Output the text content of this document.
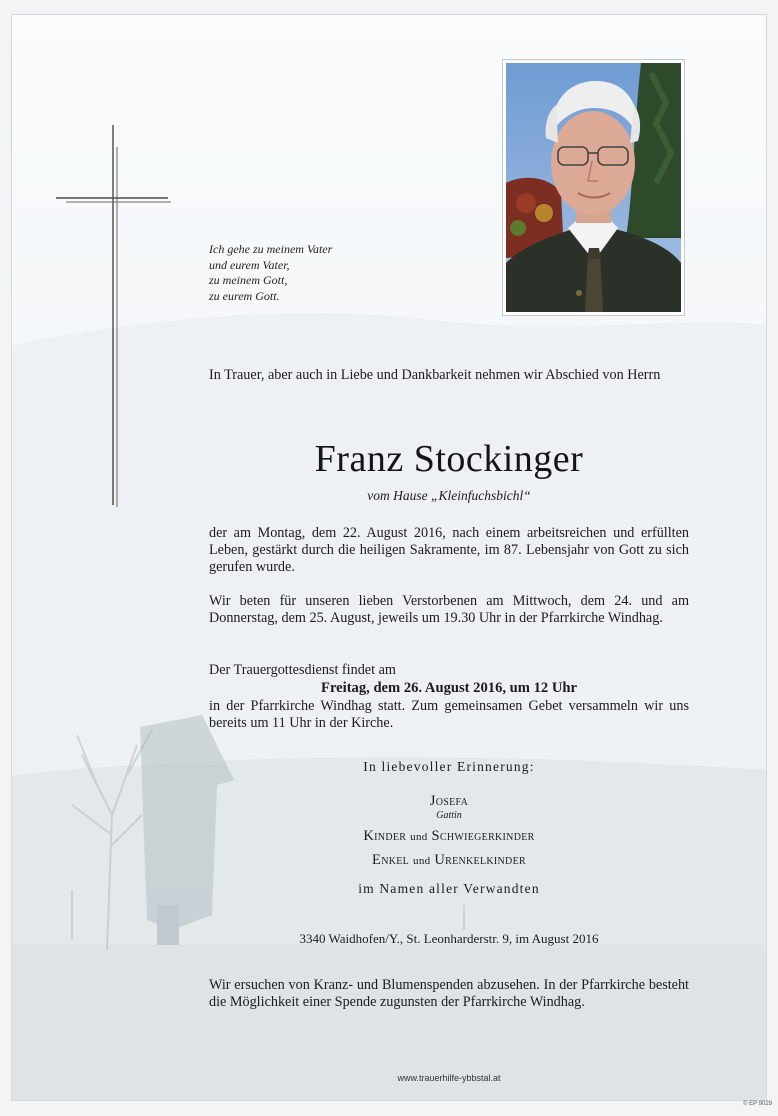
Ich gehe zu meinem Vater
und eurem Vater,
zu meinem Gott,
zu eurem Gott.
In Trauer, aber auch in Liebe und Dankbarkeit nehmen wir Abschied von Herrn
Franz Stockinger
vom Hause „Kleinfuchsbichl“
der am Montag, dem 22. August 2016, nach einem arbeitsreichen und erfüllten Leben, gestärkt durch die heiligen Sakramente, im 87. Lebensjahr von Gott zu sich gerufen wurde.
Wir beten für unseren lieben Verstorbenen am Mittwoch, dem 24. und am Donnerstag, dem 25. August, jeweils um 19.30 Uhr in der Pfarrkirche Windhag.
Der Trauergottesdienst findet am
Freitag, dem 26. August 2016, um 12 Uhr
in der Pfarrkirche Windhag statt. Zum gemeinsamen Gebet versammeln wir uns bereits um 11 Uhr in der Kirche.
In liebevoller Erinnerung:
Josefa
Gattin
Kinder und Schwiegerkinder
Enkel und Urenkelkinder
im Namen aller Verwandten
3340 Waidhofen/Y., St. Leonharderstr. 9, im August 2016
Wir ersuchen von Kranz- und Blumenspenden abzusehen. In der Pfarrkirche besteht die Möglichkeit einer Spende zugunsten der Pfarrkirche Windhag.
www.trauerhilfe-ybbstal.at
© EP 9029
